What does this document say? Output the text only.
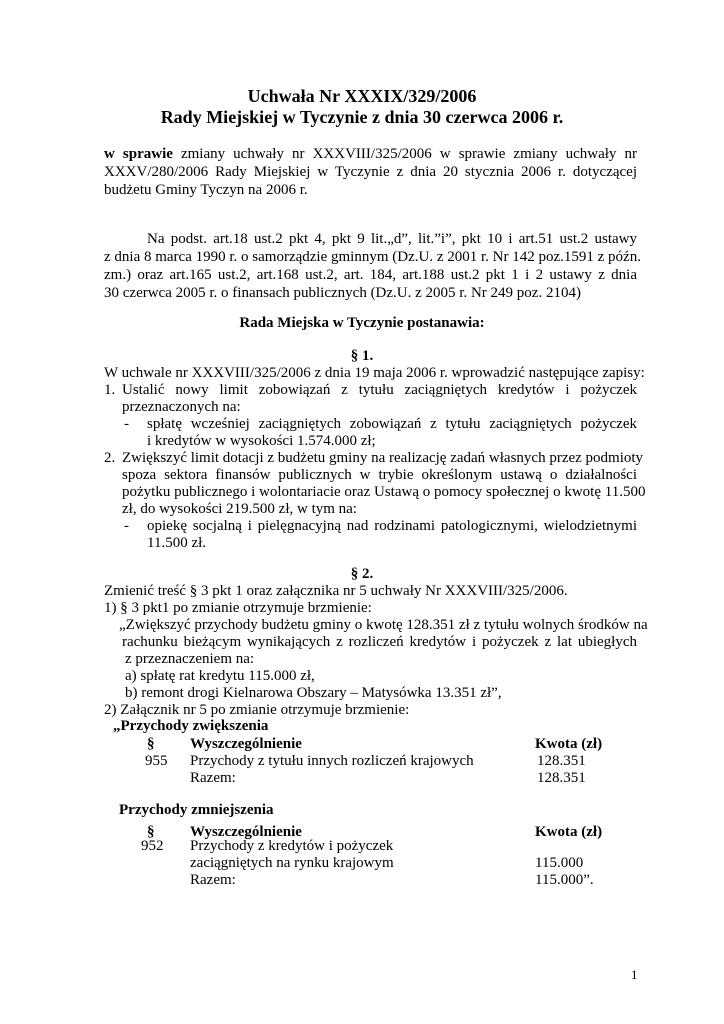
Uchwała Nr XXXIX/329/2006
Rady Miejskiej w Tyczynie z dnia 30 czerwca 2006 r.
w sprawie zmiany uchwały nr XXXVIII/325/2006 w sprawie zmiany uchwały nr
XXXV/280/2006 Rady Miejskiej w Tyczynie z dnia 20 stycznia 2006 r. dotyczącej
budżetu Gminy Tyczyn na 2006 r.
Na podst. art.18 ust.2 pkt 4, pkt 9 lit.„d”, lit.”i”, pkt 10 i art.51 ust.2 ustawy
z dnia 8 marca 1990 r. o samorządzie gminnym (Dz.U. z 2001 r. Nr 142 poz.1591 z późn.
zm.) oraz art.165 ust.2, art.168 ust.2, art. 184, art.188 ust.2 pkt 1 i 2 ustawy z dnia
30 czerwca 2005 r. o finansach publicznych (Dz.U. z 2005 r. Nr 249 poz. 2104)
Rada Miejska w Tyczynie postanawia:
§ 1.
W uchwale nr XXXVIII/325/2006 z dnia 19 maja 2006 r. wprowadzić następujące zapisy:
1. Ustalić nowy limit zobowiązań z tytułu zaciągniętych kredytów i pożyczek
przeznaczonych na:
- spłatę wcześniej zaciągniętych zobowiązań z tytułu zaciągniętych pożyczek
i kredytów w wysokości 1.574.000 zł;
2. Zwiększyć limit dotacji z budżetu gminy na realizację zadań własnych przez podmioty
spoza sektora finansów publicznych w trybie określonym ustawą o działalności
pożytku publicznego i wolontariacie oraz Ustawą o pomocy społecznej o kwotę 11.500
zł, do wysokości 219.500 zł, w tym na:
- opiekę socjalną i pielęgnacyjną nad rodzinami patologicznymi, wielodzietnymi
11.500 zł.
§ 2.
Zmienić treść § 3 pkt 1 oraz załącznika nr 5 uchwały Nr XXXVIII/325/2006.
1) § 3 pkt1 po zmianie otrzymuje brzmienie:
„Zwiększyć przychody budżetu gminy o kwotę 128.351 zł z tytułu wolnych środków na
rachunku bieżącym wynikających z rozliczeń kredytów i pożyczek z lat ubiegłych
z przeznaczeniem na:
a) spłatę rat kredytu 115.000 zł,
b) remont drogi Kielnarowa Obszary – Matysówka 13.351 zł”,
2) Załącznik nr 5 po zmianie otrzymuje brzmienie:
„Przychody zwiększenia
§ Wyszczególnienie	Kwota (zł)
955 Przychody z tytułu innych rozliczeń krajowych	128.351
Razem:	128.351
Przychody zmniejszenia
§ Wyszczególnienie	Kwota (zł)
952 Przychody z kredytów i pożyczek
zaciągniętych na rynku krajowym	115.000
Razem:	115.000”.
1
